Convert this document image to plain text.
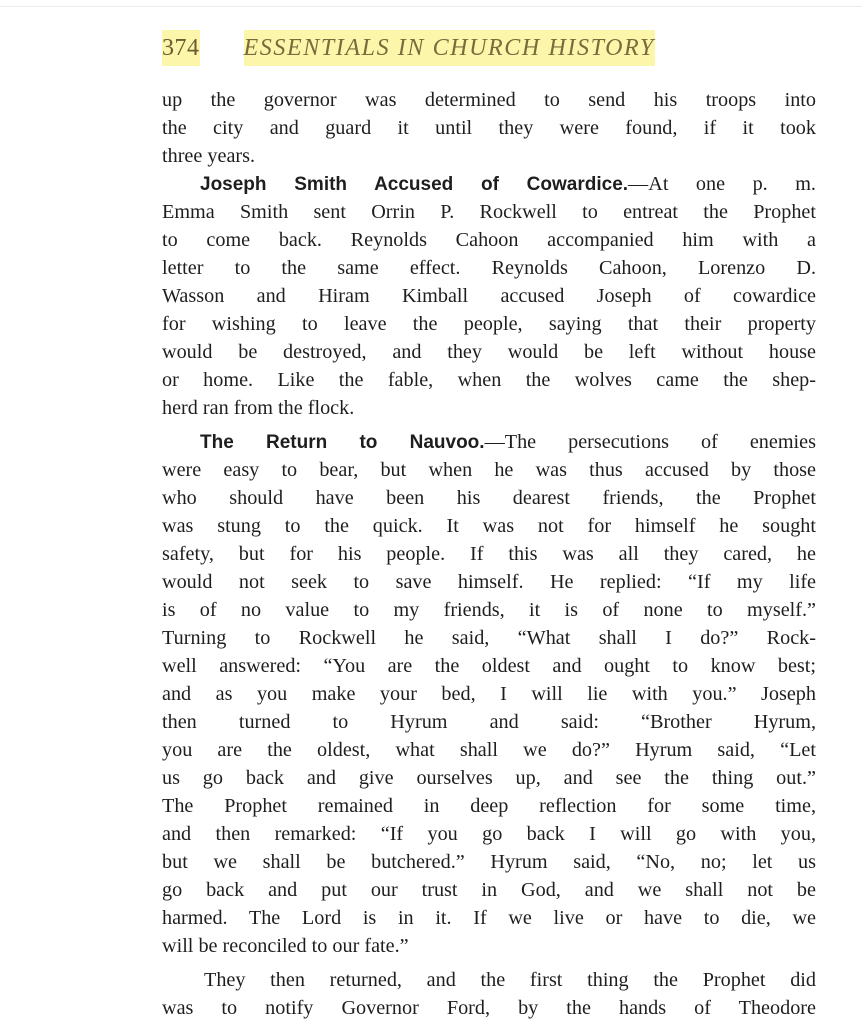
374 ESSENTIALS IN CHURCH HISTORY
up the governor was determined to send his troops into
the city and guard it until they were found, if it took
three years.
Joseph Smith Accused of Cowardice.—At one p. m.
Emma Smith sent Orrin P. Rockwell to entreat the Prophet
to come back. Reynolds Cahoon accompanied him with a
letter to the same effect. Reynolds Cahoon, Lorenzo D.
Wasson and Hiram Kimball accused Joseph of cowardice
for wishing to leave the people, saying that their property
would be destroyed, and they would be left without house
or home. Like the fable, when the wolves came the shep-
herd ran from the flock.
The Return to Nauvoo.—The persecutions of enemies
were easy to bear, but when he was thus accused by those
who should have been his dearest friends, the Prophet
was stung to the quick. It was not for himself he sought
safety, but for his people. If this was all they cared, he
would not seek to save himself. He replied: “If my life
is of no value to my friends, it is of none to myself.”
Turning to Rockwell he said, “What shall I do?” Rock-
well answered: “You are the oldest and ought to know best;
and as you make your bed, I will lie with you.” Joseph
then turned to Hyrum and said: “Brother Hyrum,
you are the oldest, what shall we do?” Hyrum said, “Let
us go back and give ourselves up, and see the thing out.”
The Prophet remained in deep reflection for some time,
and then remarked: “If you go back I will go with you,
but we shall be butchered.” Hyrum said, “No, no; let us
go back and put our trust in God, and we shall not be
harmed. The Lord is in it. If we live or have to die, we
will be reconciled to our fate.”
They then returned, and the first thing the Prophet did
was to notify Governor Ford, by the hands of Theodore
